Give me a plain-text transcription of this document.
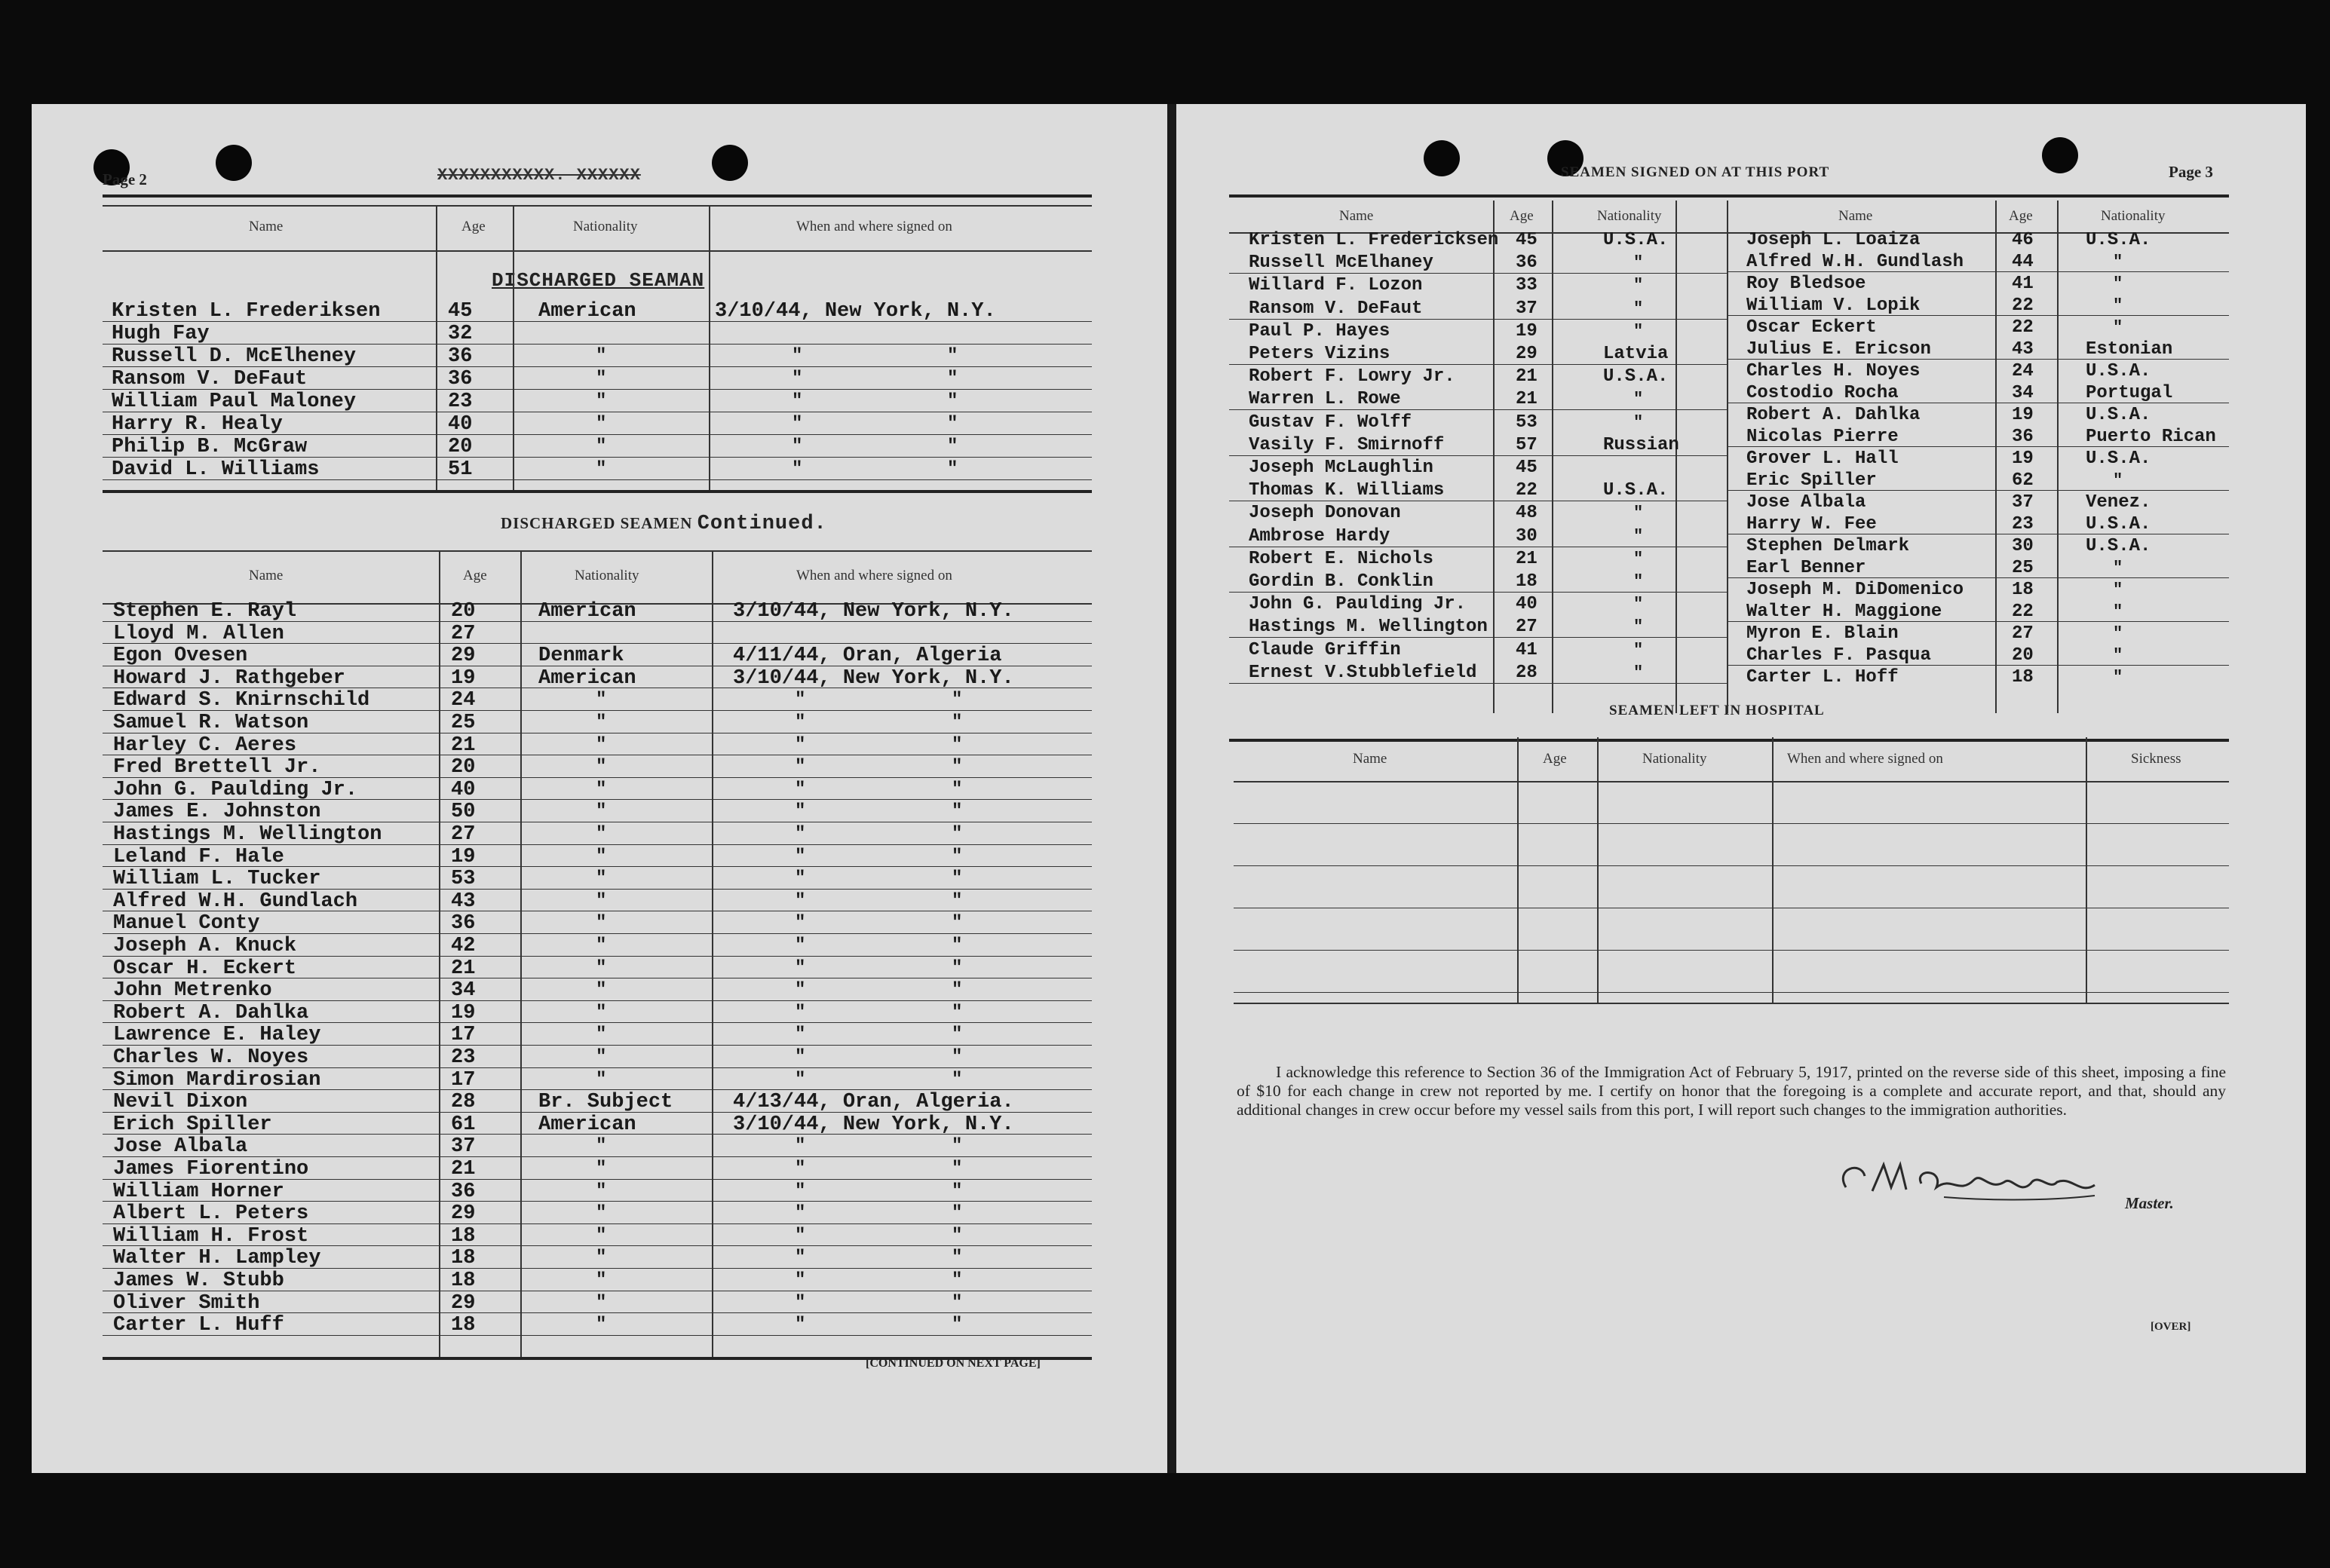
Page 2	XXXXXXXXXXX. XXXXXX
DISCHARGED SEAMAN
DISCHARGED SEAMEN Continued.
[CONTINUED ON NEXT PAGE]
Page 3
SEAMEN SIGNED ON AT THIS PORT
SEAMEN LEFT IN HOSPITAL
I acknowledge this reference to Section 36 of the Immigration Act of February 5, 1917, printed on the reverse side of this sheet, imposing a fine of $10 for each change in crew not reported by me. I certify on honor that the foregoing is a complete and accurate report, and that, should any additional changes in crew occur before my vessel sails from this port, I will report such changes to the immigration authorities.
Master.
[OVER]
Name	Age	Nationality	When and where signed on
Kristen L. Frederiksen	45	American	3/10/44, New York, N.Y.
Hugh Fay	32
Russell D. McElheney	36	"	"	"
Ransom V. DeFaut	36	"	"	"
William Paul Maloney	23	"	"	"
Harry R. Healy	40	"	"	"
Philip B. McGraw	20	"	"	"
David L. Williams	51	"	"	"
Name	Age	Nationality	When and where signed on
Stephen E. Rayl	20	American	3/10/44, New York, N.Y.
Lloyd M. Allen	27
Egon Ovesen	29	Denmark	4/11/44, Oran, Algeria
Howard J. Rathgeber	19	American	3/10/44, New York, N.Y.
Edward S. Knirnschild	24	"	"	"
Samuel R. Watson	25	"	"	"
Harley C. Aeres	21	"	"	"
Fred Brettell Jr.	20	"	"	"
John G. Paulding Jr.	40	"	"	"
James E. Johnston	50	"	"	"
Hastings M. Wellington	27	"	"	"
Leland F. Hale	19	"	"	"
William L. Tucker	53	"	"	"
Alfred W.H. Gundlach	43	"	"	"
Manuel Conty	36	"	"	"
Joseph A. Knuck	42	"	"	"
Oscar H. Eckert	21	"	"	"
John Metrenko	34	"	"	"
Robert A. Dahlka	19	"	"	"
Lawrence E. Haley	17	"	"	"
Charles W. Noyes	23	"	"	"
Simon Mardirosian	17	"	"	"
Nevil Dixon	28	Br. Subject	4/13/44, Oran, Algeria.
Erich Spiller	61	American	3/10/44, New York, N.Y.
Jose Albala	37	"	"	"
James Fiorentino	21	"	"	"
William Horner	36	"	"	"
Albert L. Peters	29	"	"	"
William H. Frost	18	"	"	"
Walter H. Lampley	18	"	"	"
James W. Stubb	18	"	"	"
Oliver Smith	29	"	"	"
Carter L. Huff	18	"	"	"
Name	Age	Nationality	Name	Age	Nationality
Kristen L. Fredericksen 45	U.S.A.
Russell McElhaney	36	"
Willard F. Lozon	33	"
Ransom V. DeFaut	37	"
Paul P. Hayes	19	"
Peters Vizins	29	Latvia
Robert F. Lowry Jr.	21	U.S.A.
Warren L. Rowe	21	"
Gustav F. Wolff	53	"
Vasily F. Smirnoff	57	Russian
Joseph McLaughlin	45
Thomas K. Williams	22	U.S.A.
Joseph Donovan	48	"
Ambrose Hardy	30	"
Robert E. Nichols	21	"
Gordin B. Conklin	18	"
John G. Paulding Jr.	40	"
Hastings M. Wellington 27	"
Claude Griffin	41	"
Ernest V.Stubblefield 28	"
Joseph L. Loaiza	46	U.S.A.
Alfred W.H. Gundlash	44	"
Roy Bledsoe	41	"
William V. Lopik	22	"
Oscar Eckert	22	"
Julius E. Ericson	43	Estonian
Charles H. Noyes	24	U.S.A.
Costodio Rocha	34	Portugal
Robert A. Dahlka	19	U.S.A.
Nicolas Pierre	36	Puerto Rican
Grover L. Hall	19	U.S.A.
Eric Spiller	62	"
Jose Albala	37	Venez.
Harry W. Fee	23	U.S.A.
Stephen Delmark	30	U.S.A.
Earl Benner	25	"
Joseph M. DiDomenico	18	"
Walter H. Maggione	22	"
Myron E. Blain	27	"
Charles F. Pasqua	20	"
Carter L. Hoff	18	"
Name	Age	Nationality	When and where signed on	Sickness
